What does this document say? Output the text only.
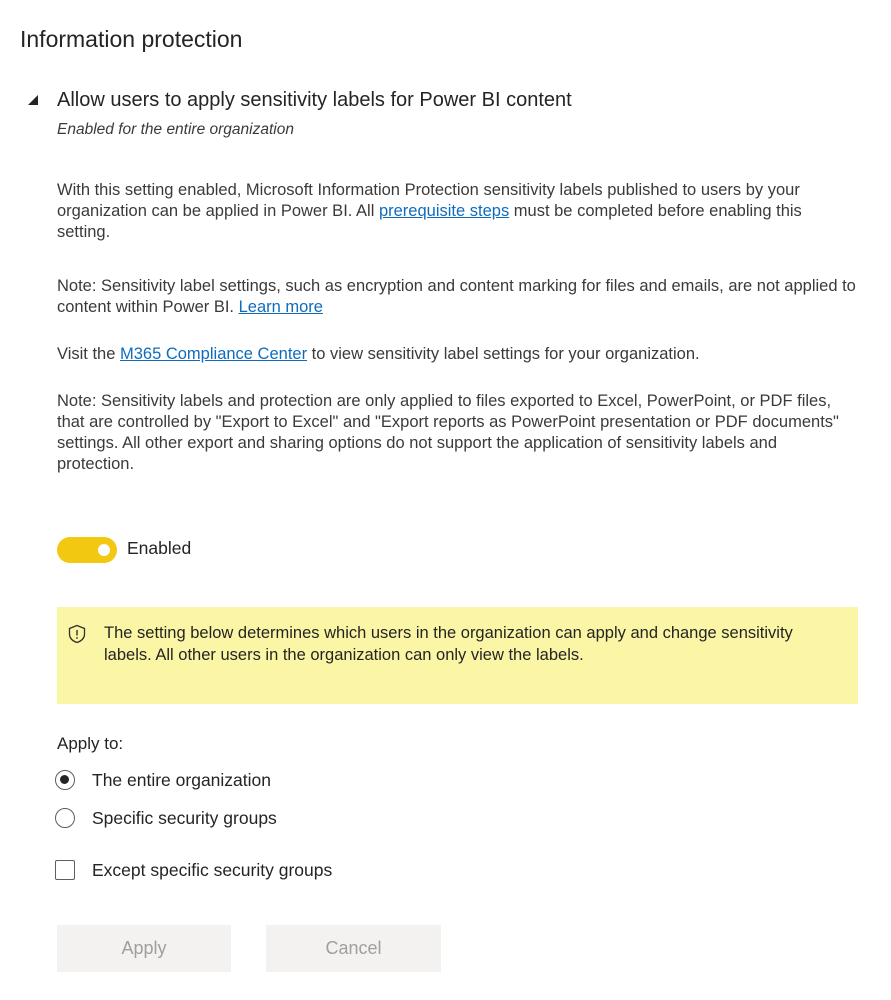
Information protection
Allow users to apply sensitivity labels for Power BI content
Enabled for the entire organization
With this setting enabled, Microsoft Information Protection sensitivity labels published to users by your organization can be applied in Power BI. All prerequisite steps must be completed before enabling this setting.
Note: Sensitivity label settings, such as encryption and content marking for files and emails, are not applied to content within Power BI. Learn more
Visit the M365 Compliance Center to view sensitivity label settings for your organization.
Note: Sensitivity labels and protection are only applied to files exported to Excel, PowerPoint, or PDF files, that are controlled by "Export to Excel" and "Export reports as PowerPoint presentation or PDF documents" settings. All other export and sharing options do not support the application of sensitivity labels and protection.
Enabled
The setting below determines which users in the organization can apply and change sensitivity labels. All other users in the organization can only view the labels.
Apply to:
The entire organization
Specific security groups
Except specific security groups
Apply	Cancel
